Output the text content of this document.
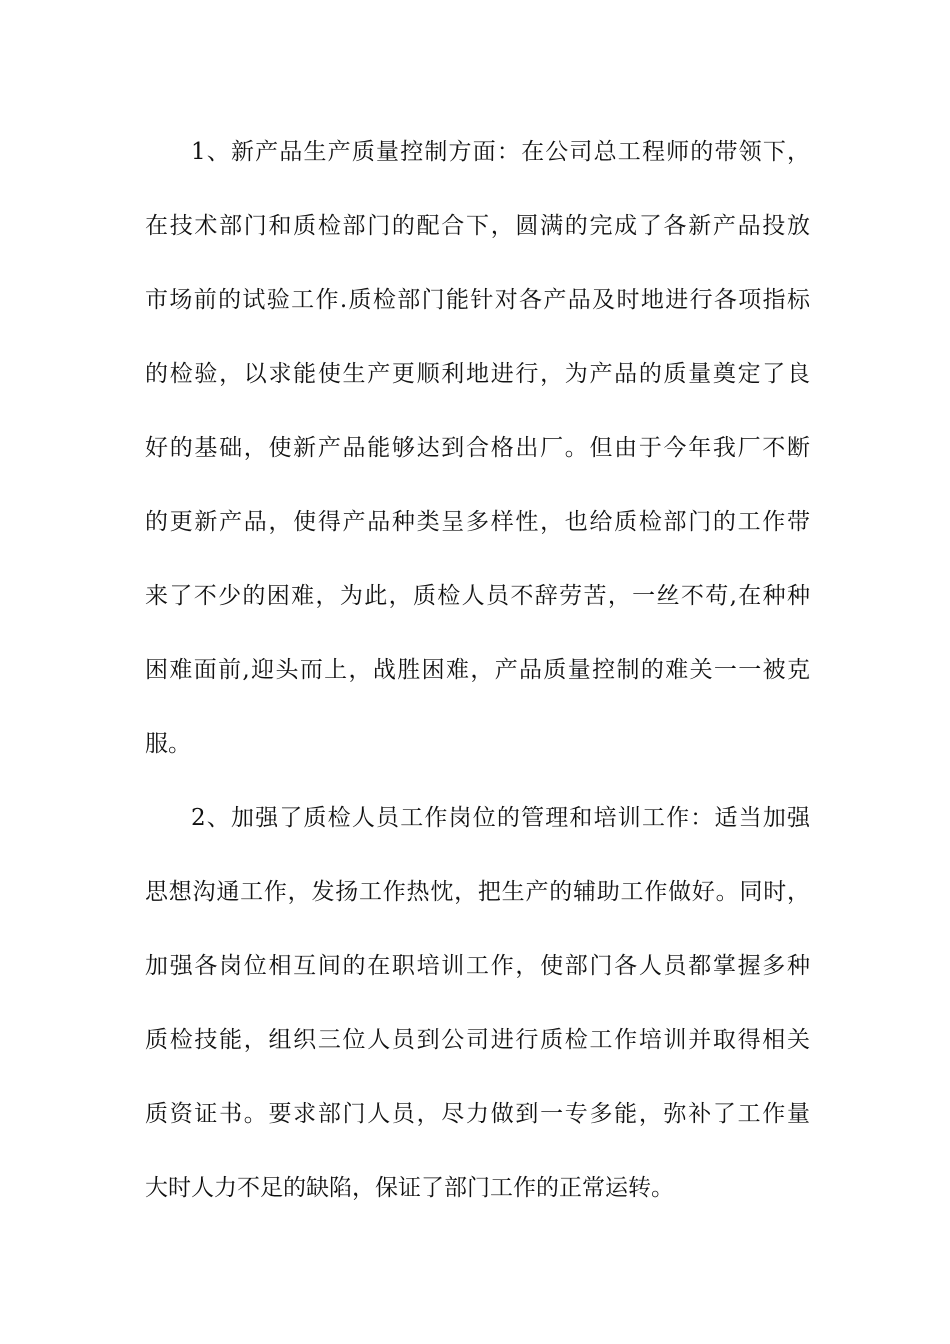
1、新产品生产质量控制方面：在公司总工程师的带领下，
在技术部门和质检部门的配合下，圆满的完成了各新产品投放
市场前的试验工作.质检部门能针对各产品及时地进行各项指标
的检验，以求能使生产更顺利地进行，为产品的质量奠定了良
好的基础，使新产品能够达到合格出厂。但由于今年我厂不断
的更新产品，使得产品种类呈多样性，也给质检部门的工作带
来了不少的困难，为此，质检人员不辞劳苦，一丝不苟,在种种
困难面前,迎头而上，战胜困难，产品质量控制的难关一一被克
服。
2、加强了质检人员工作岗位的管理和培训工作：适当加强
思想沟通工作，发扬工作热忱，把生产的辅助工作做好。同时，
加强各岗位相互间的在职培训工作，使部门各人员都掌握多种
质检技能，组织三位人员到公司进行质检工作培训并取得相关
质资证书。要求部门人员，尽力做到一专多能，弥补了工作量
大时人力不足的缺陷，保证了部门工作的正常运转。
